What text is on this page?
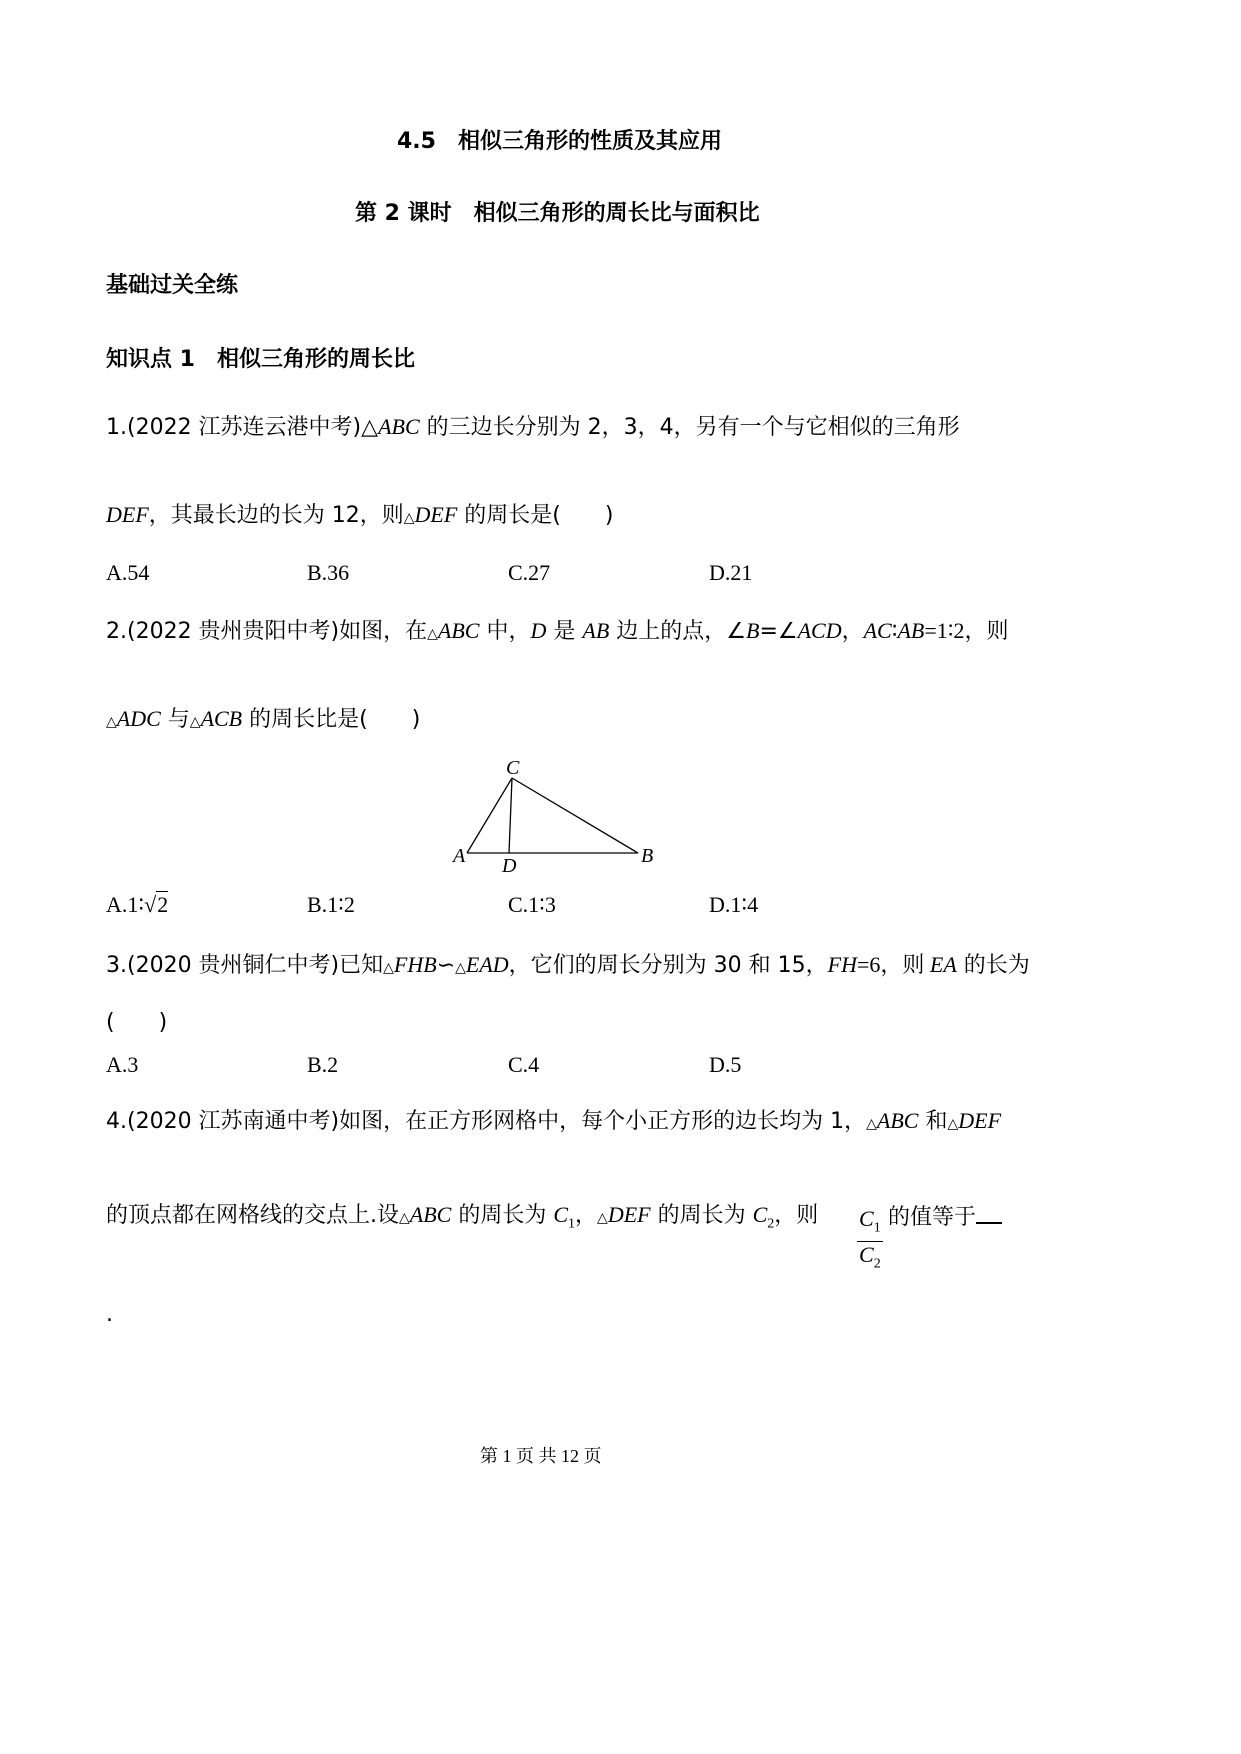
4.5　相似三角形的性质及其应用
第 2 课时　相似三角形的周长比与面积比
基础过关全练
知识点 1　相似三角形的周长比
1.(2022 江苏连云港中考)△ABC 的三边长分别为 2，3，4，另有一个与它相似的三角形
DEF，其最长边的长为 12，则△DEF 的周长是(　　)
A.54	B.36	C.27	D.21
2.(2022 贵州贵阳中考)如图，在△ABC 中，D 是 AB 边上的点，∠B=∠ACD，AC∶AB=1∶2，则
△ADC 与△ACB 的周长比是(　　)
C
A D	B
A.1∶√2	B.1∶2	C.1∶3	D.1∶4
3.(2020 贵州铜仁中考)已知△FHB∽△EAD，它们的周长分别为 30 和 15，FH=6，则 EA 的长为
(　　)
A.3	B.2	C.4	D.5
4.(2020 江苏南通中考)如图，在正方形网格中，每个小正方形的边长均为 1，△ABC 和△DEF
的顶点都在网格线的交点上.设△ABC 的周长为 $C_1$，△DEF 的周长为 $C_2$，则 $\frac{C_1}{C_2}$ 的值等于
.
第 1 页 共 12 页
